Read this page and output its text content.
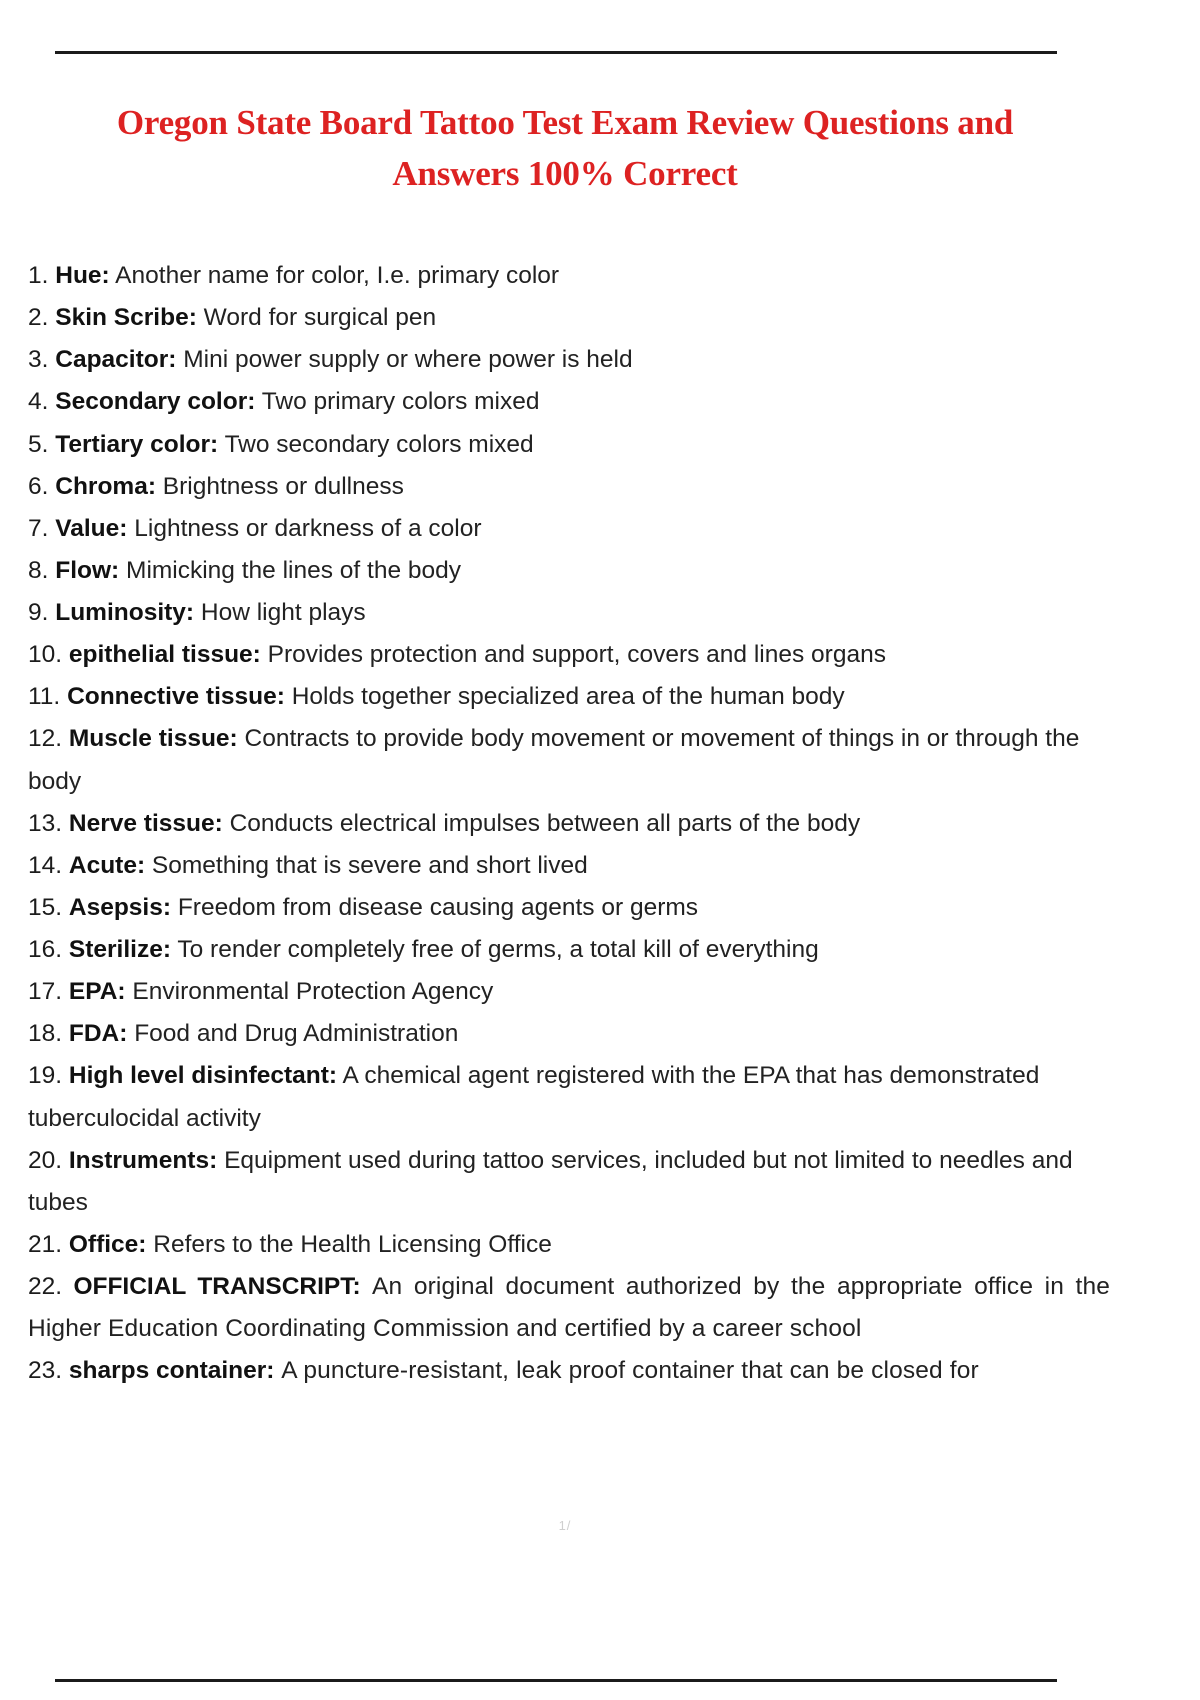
Oregon State Board Tattoo Test Exam Review Questions and Answers 100% Correct

1. Hue: Another name for color, I.e. primary color

2. Skin Scribe: Word for surgical pen

3. Capacitor: Mini power supply or where power is held

4. Secondary color: Two primary colors mixed

5. Tertiary color: Two secondary colors mixed

6. Chroma: Brightness or dullness

7. Value: Lightness or darkness of a color

8. Flow: Mimicking the lines of the body

9. Luminosity: How light plays

10. epithelial tissue: Provides protection and support, covers and lines organs

11. Connective tissue: Holds together specialized area of the human body

12. Muscle tissue: Contracts to provide body movement or movement of things in or through the body

13. Nerve tissue: Conducts electrical impulses between all parts of the body

14. Acute: Something that is severe and short lived

15. Asepsis: Freedom from disease causing agents or germs

16. Sterilize: To render completely free of germs, a total kill of everything

17. EPA: Environmental Protection Agency

18. FDA: Food and Drug Administration

19. High level disinfectant: A chemical agent registered with the EPA that has demonstrated tuberculocidal activity

20. Instruments: Equipment used during tattoo services, included but not limited to needles and tubes

21. Office: Refers to the Health Licensing Office

22. OFFICIAL TRANSCRIPT: An original document authorized by the appropriate office in the Higher Education Coordinating Commission and certified by a career school

23. sharps container: A puncture-resistant, leak proof container that can be closed for

1/
